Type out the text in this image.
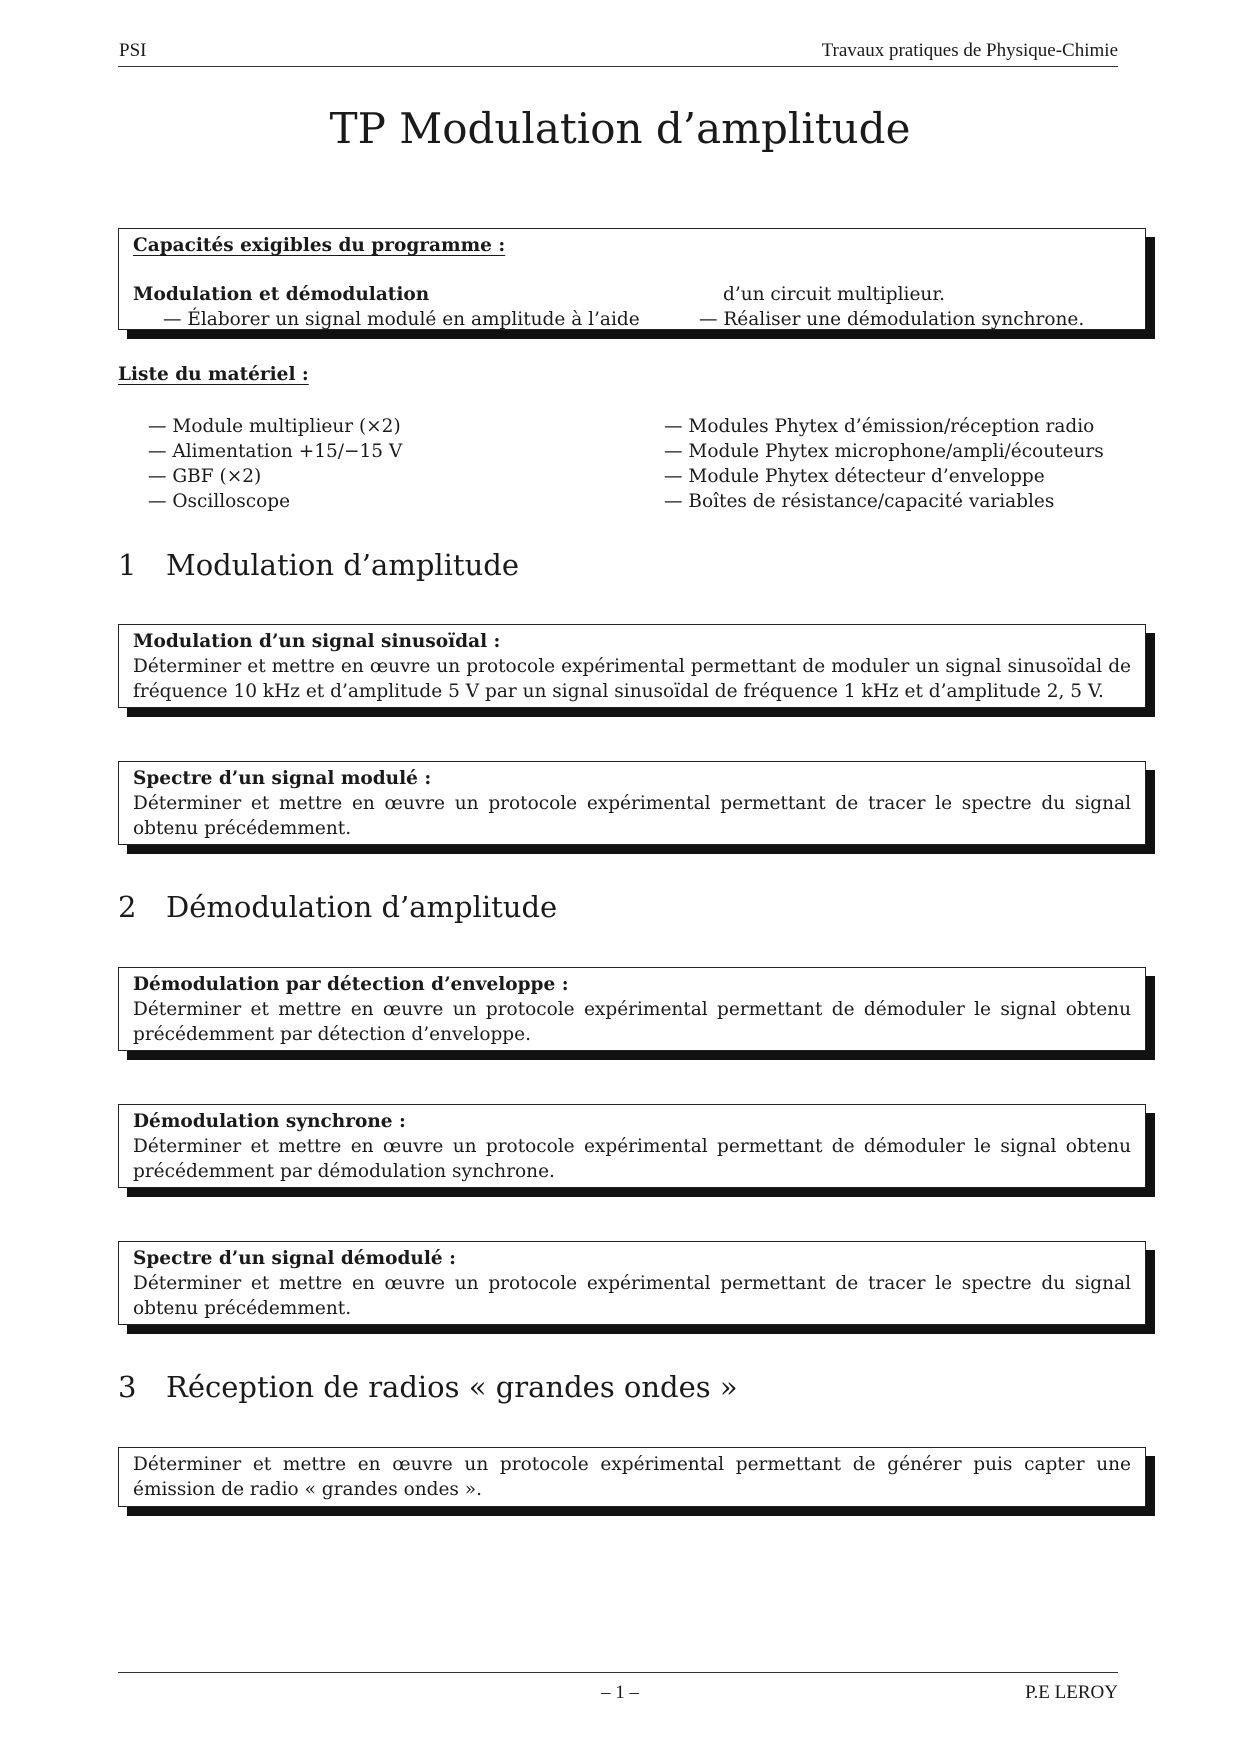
PSI	Travaux pratiques de Physique-Chimie
TP Modulation d’amplitude
Capacités exigibles du programme :
Modulation et démodulation
— Élaborer un signal modulé en amplitude à l’aide
d’un circuit multiplieur.
— Réaliser une démodulation synchrone.
Liste du matériel :
— Module multiplieur (×2)
— Alimentation +15/−15 V
— GBF (×2)
— Oscilloscope
— Modules Phytex d’émission/réception radio
— Module Phytex microphone/ampli/écouteurs
— Module Phytex détecteur d’enveloppe
— Boîtes de résistance/capacité variables
1 Modulation d’amplitude
Modulation d’un signal sinusoïdal :
Déterminer et mettre en œuvre un protocole expérimental permettant de moduler un signal sinusoïdal de fréquence 10 kHz et d’amplitude 5 V par un signal sinusoïdal de fréquence 1 kHz et d’amplitude 2, 5 V.
Spectre d’un signal modulé :
Déterminer et mettre en œuvre un protocole expérimental permettant de tracer le spectre du signal obtenu précédemment.
2 Démodulation d’amplitude
Démodulation par détection d’enveloppe :
Déterminer et mettre en œuvre un protocole expérimental permettant de démoduler le signal obtenu précédemment par détection d’enveloppe.
Démodulation synchrone :
Déterminer et mettre en œuvre un protocole expérimental permettant de démoduler le signal obtenu précédemment par démodulation synchrone.
Spectre d’un signal démodulé :
Déterminer et mettre en œuvre un protocole expérimental permettant de tracer le spectre du signal obtenu précédemment.
3 Réception de radios « grandes ondes »
Déterminer et mettre en œuvre un protocole expérimental permettant de générer puis capter une émission de radio « grandes ondes ».
– 1 –	P.E LEROY
